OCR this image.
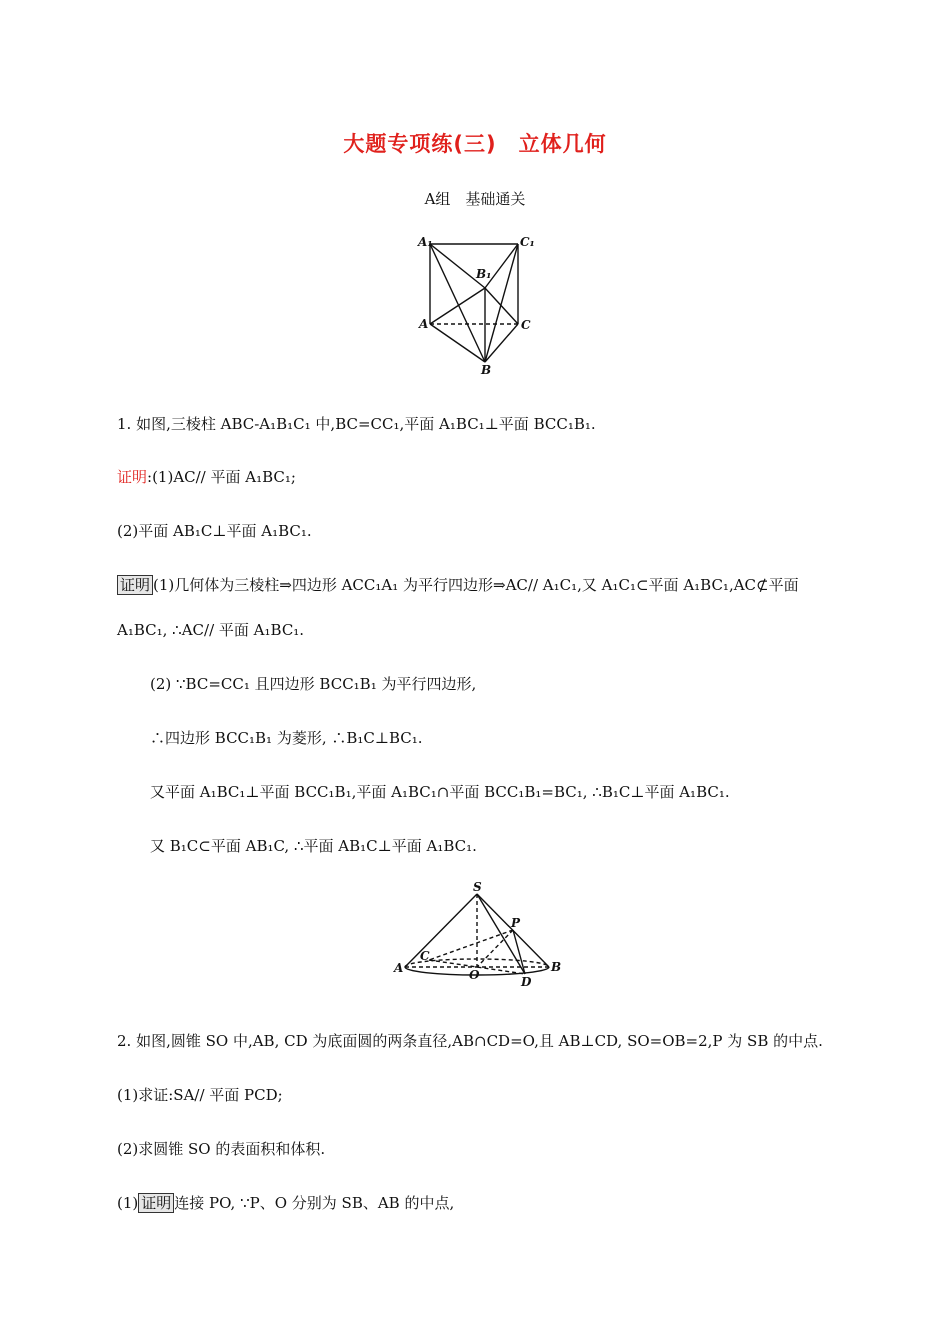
大题专项练(三)　立体几何
A组　基础通关
A₁	C₁
B₁
A	C
B
1. 如图,三棱柱 ABC-A₁B₁C₁ 中,BC=CC₁,平面 A₁BC₁⊥平面 BCC₁B₁.
证明:(1)AC// 平面 A₁BC₁;
(2)平面 AB₁C⊥平面 A₁BC₁.
证明 (1)几何体为三棱柱⇒四边形 ACC₁A₁ 为平行四边形⇒AC// A₁C₁,又 A₁C₁⊂平面 A₁BC₁,AC⊄平面
A₁BC₁, ∴AC// 平面 A₁BC₁.
(2) ∵BC=CC₁ 且四边形 BCC₁B₁ 为平行四边形,
∴四边形 BCC₁B₁ 为菱形, ∴B₁C⊥BC₁.
又平面 A₁BC₁⊥平面 BCC₁B₁,平面 A₁BC₁∩平面 BCC₁B₁=BC₁, ∴B₁C⊥平面 A₁BC₁.
又 B₁C⊂平面 AB₁C, ∴平面 AB₁C⊥平面 A₁BC₁.
S
P
A
C
O	D
B
2. 如图,圆锥 SO 中,AB, CD 为底面圆的两条直径,AB∩CD=O,且 AB⊥CD, SO=OB=2,P 为 SB 的中点.
(1)求证:SA// 平面 PCD;
(2)求圆锥 SO 的表面积和体积.
(1) 证明 连接 PO, ∵P、O 分别为 SB、AB 的中点,
